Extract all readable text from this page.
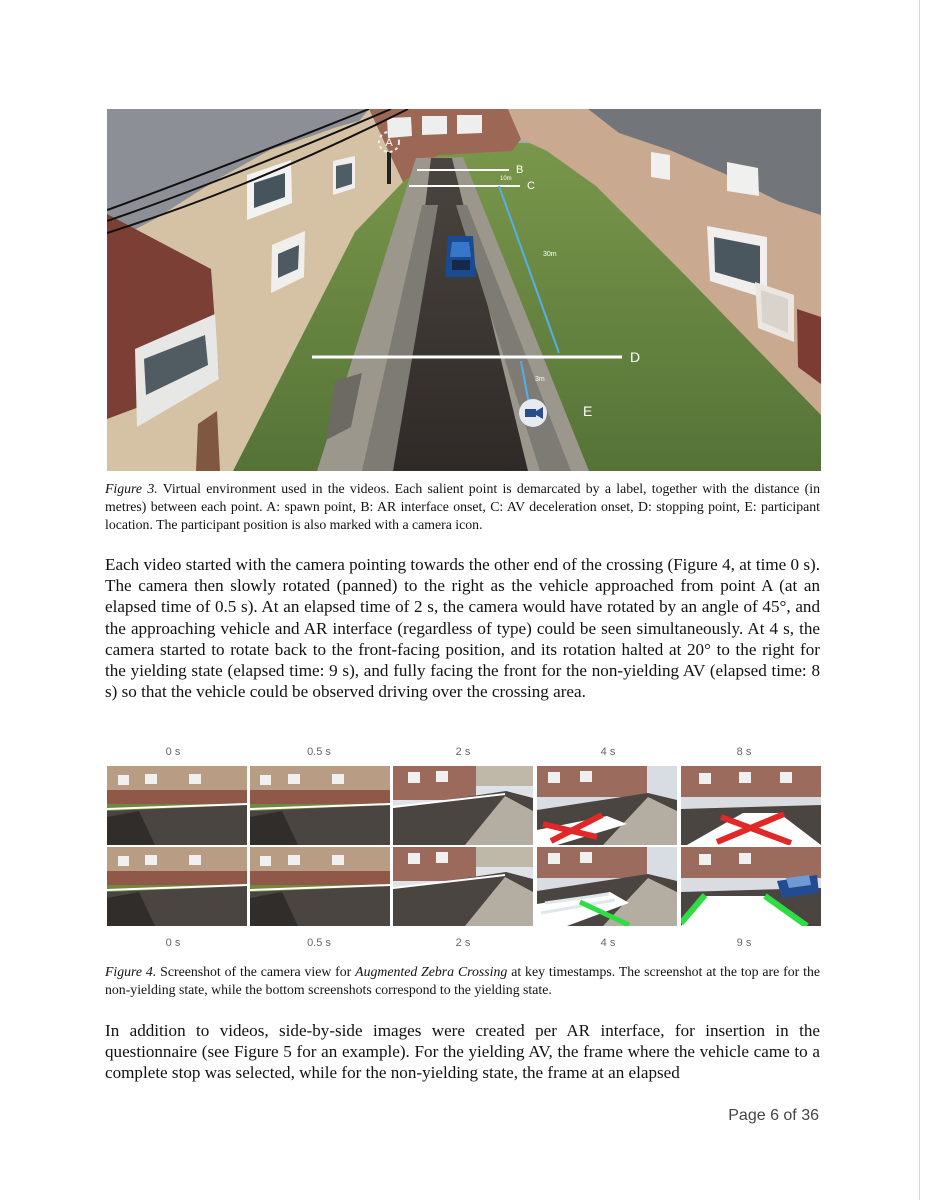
A
B
C
10m
30m
D
3m
E
Figure 3. Virtual environment used in the videos. Each salient point is demarcated by a label, together with the distance (in metres) between each point. A: spawn point, B: AR interface onset, C: AV deceleration onset, D: stopping point, E: participant location. The participant position is also marked with a camera icon.
Each video started with the camera pointing towards the other end of the crossing (Figure 4, at time 0 s). The camera then slowly rotated (panned) to the right as the vehicle approached from point A (at an elapsed time of 0.5 s). At an elapsed time of 2 s, the camera would have rotated by an angle of 45°, and the approaching vehicle and AR interface (regardless of type) could be seen simultaneously. At 4 s, the camera started to rotate back to the front-facing position, and its rotation halted at 20° to the right for the yielding state (elapsed time: 9 s), and fully facing the front for the non-yielding AV (elapsed time: 8 s) so that the vehicle could be observed driving over the crossing area.
0 s	0.5 s	2 s	4 s	8 s
0 s	0.5 s	2 s	4 s	9 s
Figure 4. Screenshot of the camera view for Augmented Zebra Crossing at key timestamps. The screenshot at the top are for the non-yielding state, while the bottom screenshots correspond to the yielding state.
In addition to videos, side-by-side images were created per AR interface, for insertion in the questionnaire (see Figure 5 for an example). For the yielding AV, the frame where the vehicle came to a complete stop was selected, while for the non-yielding state, the frame at an elapsed
Page 6 of 36
